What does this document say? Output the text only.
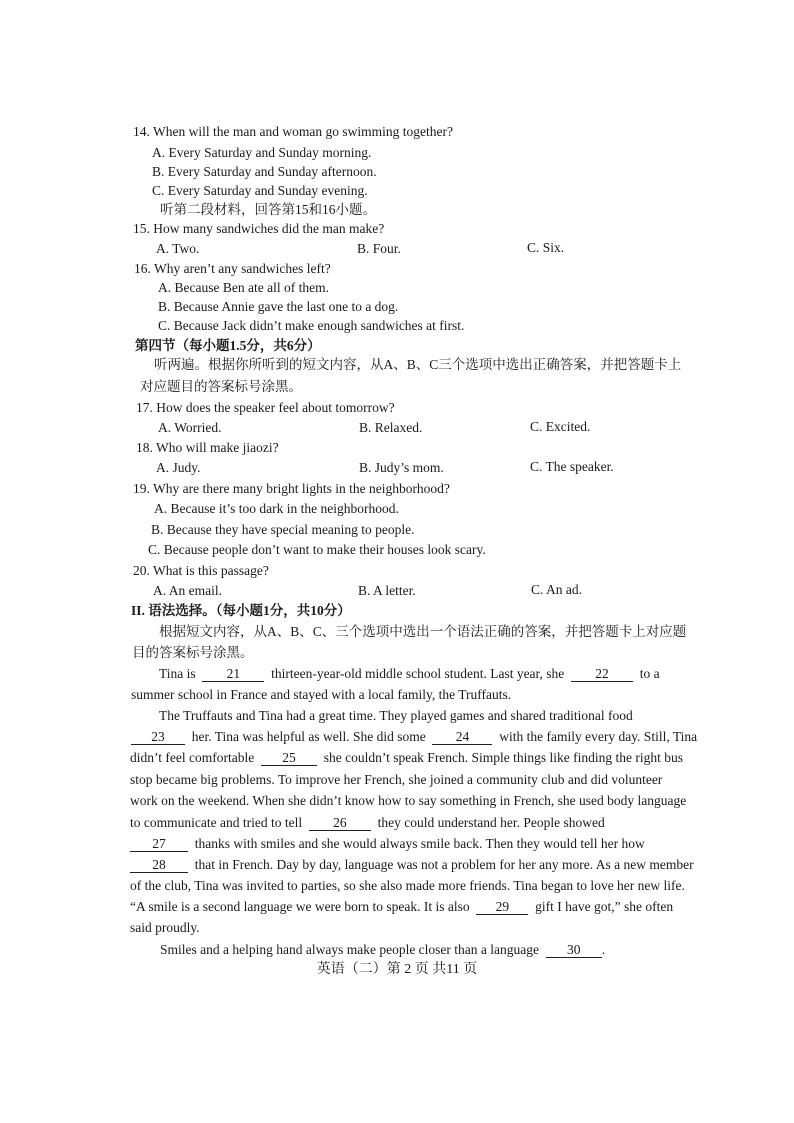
14. When will the man and woman go swimming together?
A. Every Saturday and Sunday morning.
B. Every Saturday and Sunday afternoon.
C. Every Saturday and Sunday evening.
听第二段材料，回答第15和16小题。
15. How many sandwiches did the man make?
A. Two.	B. Four.	C. Six.
16. Why aren’t any sandwiches left?
A. Because Ben ate all of them.
B. Because Annie gave the last one to a dog.
C. Because Jack didn’t make enough sandwiches at first.
第四节（每小题1.5分，共6分）
听两遍。根据你所听到的短文内容，从A、B、C三个选项中选出正确答案，并把答题卡上
对应题目的答案标号涂黑。
17. How does the speaker feel about tomorrow?
A. Worried.	B. Relaxed.	C. Excited.
18. Who will make jiaozi?
A. Judy.	B. Judy’s mom.	C. The speaker.
19. Why are there many bright lights in the neighborhood?
A. Because it’s too dark in the neighborhood.
B. Because they have special meaning to people.
C. Because people don’t want to make their houses look scary.
20. What is this passage?
A. An email.	B. A letter.	C. An ad.
II. 语法选择。（每小题1分，共10分）
根据短文内容，从A、B、C、三个选项中选出一个语法正确的答案，并把答题卡上对应题
目的答案标号涂黑。
Tina is 21 thirteen-year-old middle school student. Last year, she 22 to a
summer school in France and stayed with a local family, the Truffauts.
The Truffauts and Tina had a great time. They played games and shared traditional food
23 her. Tina was helpful as well. She did some 24 with the family every day. Still, Tina
didn’t feel comfortable 25 she couldn’t speak French. Simple things like finding the right bus
stop became big problems. To improve her French, she joined a community club and did volunteer
work on the weekend. When she didn’t know how to say something in French, she used body language
to communicate and tried to tell 26 they could understand her. People showed
27 thanks with smiles and she would always smile back. Then they would tell her how
28 that in French. Day by day, language was not a problem for her any more. As a new member
of the club, Tina was invited to parties, so she also made more friends. Tina began to love her new life.
“A smile is a second language we were born to speak. It is also 29 gift I have got,” she often
said proudly.
Smiles and a helping hand always make people closer than a language 30 .
英语（二）第 2 页 共11 页
